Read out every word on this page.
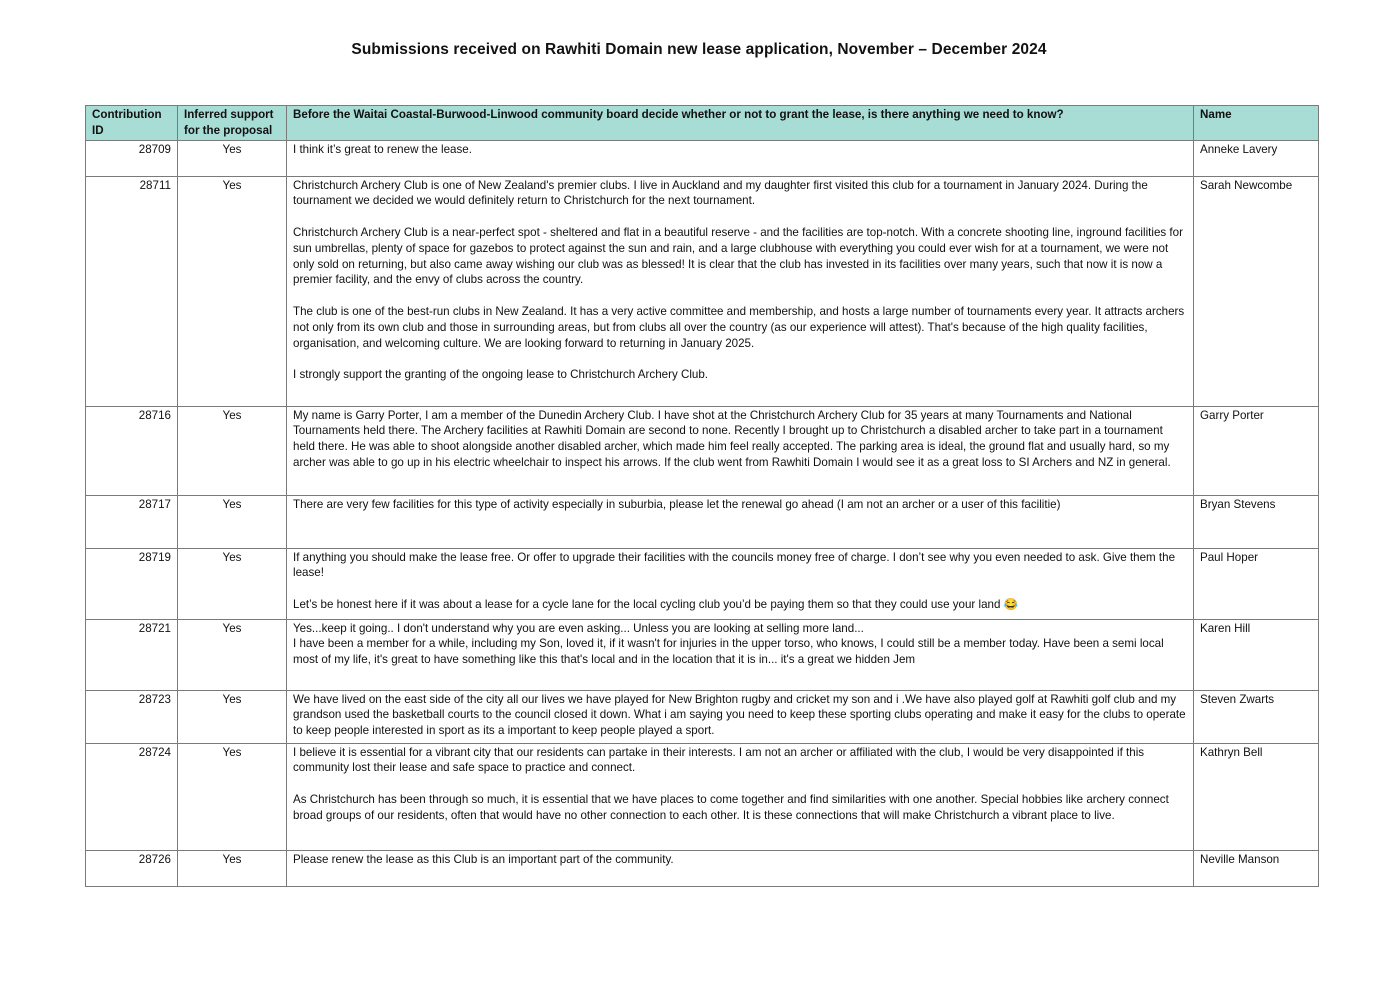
Submissions received on Rawhiti Domain new lease application, November – December 2024
Contribution ID	Inferred support for the proposal	Before the Waitai Coastal-Burwood-Linwood community board decide whether or not to grant the lease, is there anything we need to know?	Name
28709	Yes	I think it’s great to renew the lease.	Anneke Lavery
28711	Yes	Christchurch Archery Club is one of New Zealand's premier clubs. I live in Auckland and my daughter first visited this club for a tournament in January 2024. During the tournament we decided we would definitely return to Christchurch for the next tournament.
Christchurch Archery Club is a near-perfect spot - sheltered and flat in a beautiful reserve - and the facilities are top-notch. With a concrete shooting line, inground facilities for sun umbrellas, plenty of space for gazebos to protect against the sun and rain, and a large clubhouse with everything you could ever wish for at a tournament, we were not only sold on returning, but also came away wishing our club was as blessed! It is clear that the club has invested in its facilities over many years, such that now it is now a premier facility, and the envy of clubs across the country.
The club is one of the best-run clubs in New Zealand. It has a very active committee and membership, and hosts a large number of tournaments every year. It attracts archers not only from its own club and those in surrounding areas, but from clubs all over the country (as our experience will attest). That's because of the high quality facilities, organisation, and welcoming culture. We are looking forward to returning in January 2025.
I strongly support the granting of the ongoing lease to Christchurch Archery Club.	Sarah Newcombe
28716	Yes	My name is Garry Porter, I am a member of the Dunedin Archery Club. I have shot at the Christchurch Archery Club for 35 years at many Tournaments and National Tournaments held there. The Archery facilities at Rawhiti Domain are second to none. Recently I brought up to Christchurch a disabled archer to take part in a tournament held there. He was able to shoot alongside another disabled archer, which made him feel really accepted. The parking area is ideal, the ground flat and usually hard, so my archer was able to go up in his electric wheelchair to inspect his arrows. If the club went from Rawhiti Domain I would see it as a great loss to SI Archers and NZ in general.	Garry Porter
28717	Yes	There are very few facilities for this type of activity especially in suburbia, please let the renewal go ahead (I am not an archer or a user of this facilitie)	Bryan Stevens
28719	Yes	If anything you should make the lease free. Or offer to upgrade their facilities with the councils money free of charge. I don’t see why you even needed to ask. Give them the lease!
Let’s be honest here if it was about a lease for a cycle lane for the local cycling club you’d be paying them so that they could use your land 😂	Paul Hoper
28721	Yes	Yes...keep it going.. I don't understand why you are even asking... Unless you are looking at selling more land...
I have been a member for a while, including my Son, loved it, if it wasn't for injuries in the upper torso, who knows, I could still be a member today. Have been a semi local most of my life, it's great to have something like this that's local and in the location that it is in... it's a great we hidden Jem	Karen Hill
28723	Yes	We have lived on the east side of the city all our lives we have played for New Brighton rugby and cricket my son and i .We have also played golf at Rawhiti golf club and my grandson used the basketball courts to the council closed it down. What i am saying you need to keep these sporting clubs operating and make it easy for the clubs to operate to keep people interested in sport as its a important to keep people played a sport.	Steven Zwarts
28724	Yes	I believe it is essential for a vibrant city that our residents can partake in their interests. I am not an archer or affiliated with the club, I would be very disappointed if this community lost their lease and safe space to practice and connect.
As Christchurch has been through so much, it is essential that we have places to come together and find similarities with one another. Special hobbies like archery connect broad groups of our residents, often that would have no other connection to each other. It is these connections that will make Christchurch a vibrant place to live.	Kathryn Bell
28726	Yes	Please renew the lease as this Club is an important part of the community.	Neville Manson
